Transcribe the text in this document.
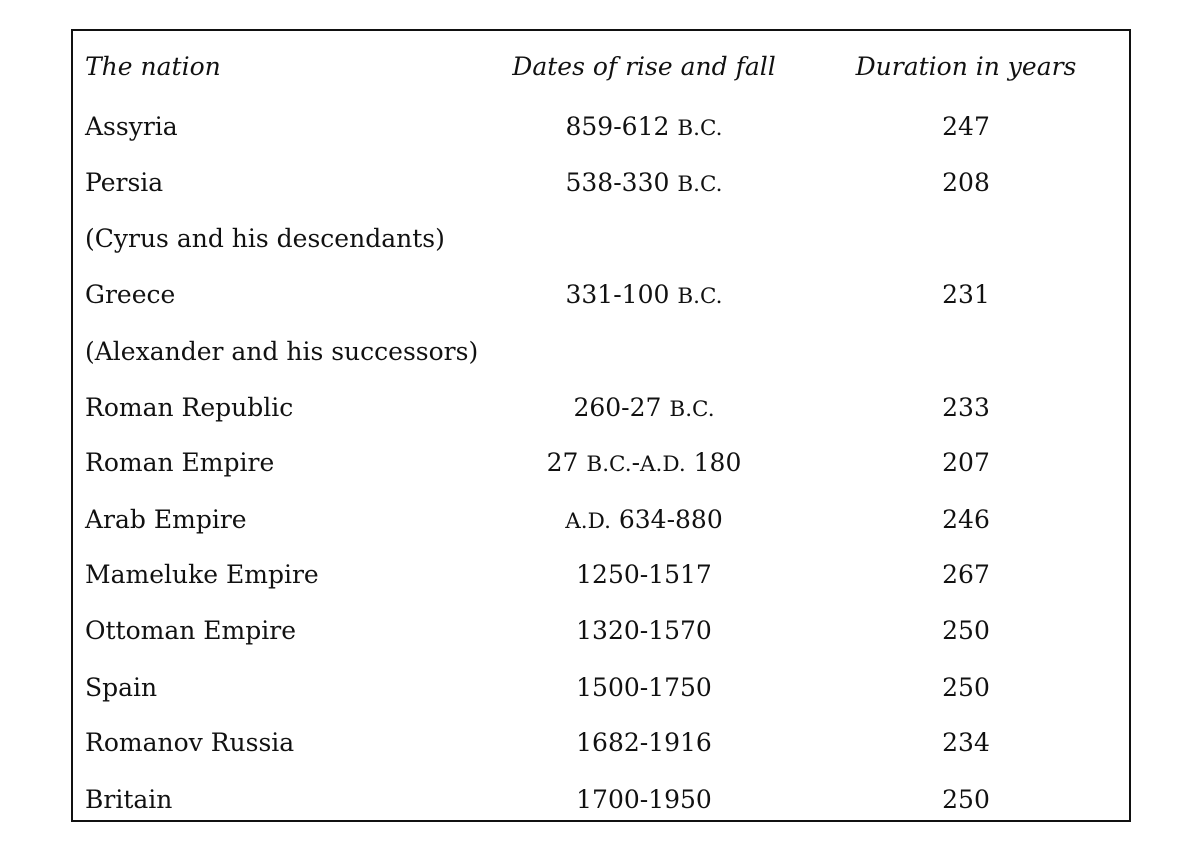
The nation	Dates of rise and fall	Duration in years
Assyria	859-612 B.C.	247
Persia	538-330 B.C.	208
(Cyrus and his descendants)
Greece	331-100 B.C.	231
(Alexander and his successors)
Roman Republic	260-27 B.C.	233
Roman Empire	27 B.C.-A.D. 180	207
Arab Empire	A.D. 634-880	246
Mameluke Empire	1250-1517	267
Ottoman Empire	1320-1570	250
Spain	1500-1750	250
Romanov Russia	1682-1916	234
Britain	1700-1950	250
